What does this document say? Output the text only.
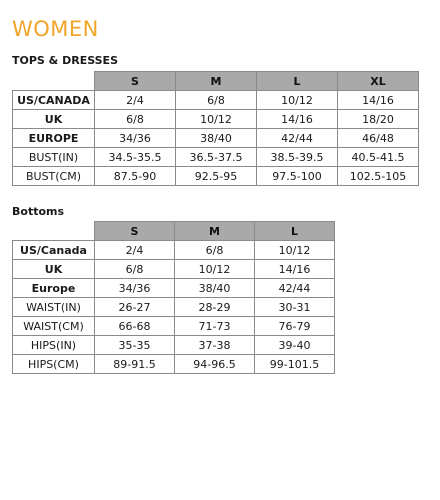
WOMEN
TOPS & DRESSES
	S	M	L	XL
US/CANADA	2/4	6/8	10/12	14/16
UK	6/8	10/12	14/16	18/20
EUROPE	34/36	38/40	42/44	46/48
BUST(IN)	34.5-35.5	36.5-37.5	38.5-39.5	40.5-41.5
BUST(CM)	87.5-90	92.5-95	97.5-100	102.5-105
Bottoms
	S	M	L
US/Canada	2/4	6/8	10/12
UK	6/8	10/12	14/16
Europe	34/36	38/40	42/44
WAIST(IN)	26-27	28-29	30-31
WAIST(CM)	66-68	71-73	76-79
HIPS(IN)	35-35	37-38	39-40
HIPS(CM)	89-91.5	94-96.5	99-101.5
